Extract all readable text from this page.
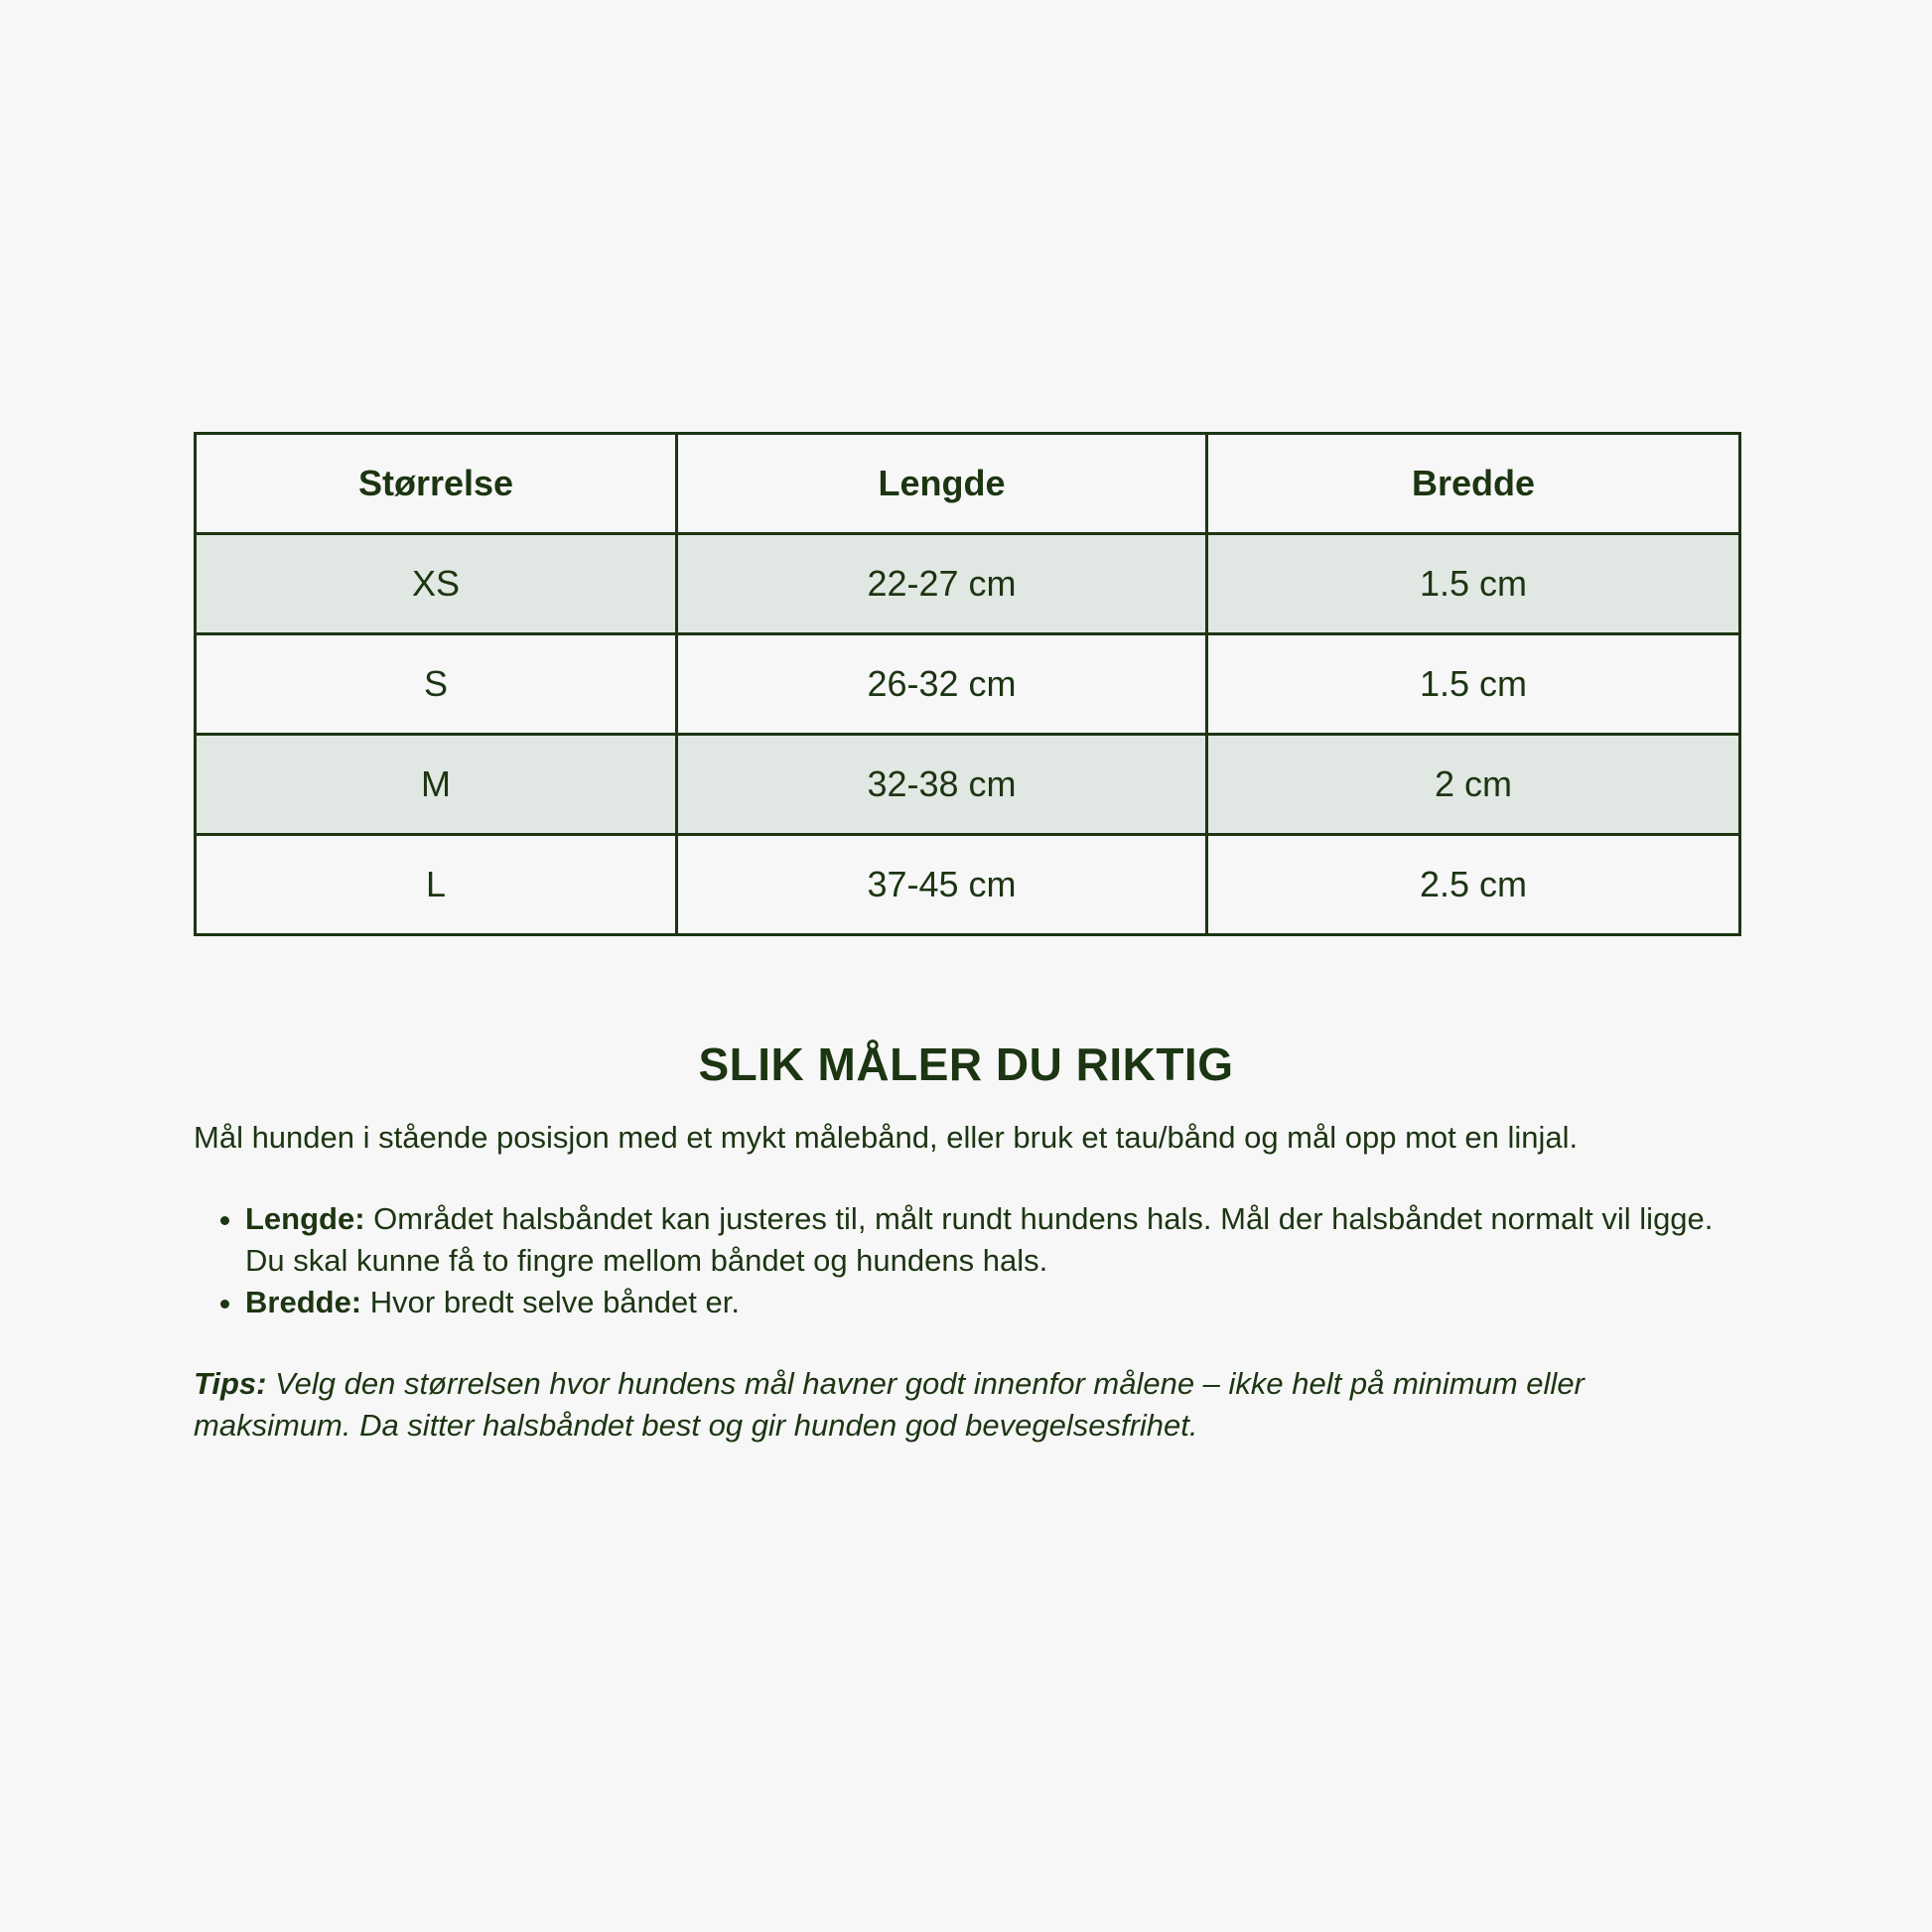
Størrelse	Lengde	Bredde
XS	22-27 cm	1.5 cm
S	26-32 cm	1.5 cm
M	32-38 cm	2 cm
L	37-45 cm	2.5 cm
SLIK MÅLER DU RIKTIG

Mål hunden i stående posisjon med et mykt målebånd, eller bruk et tau/bånd og mål opp mot en linjal.

• Lengde: Området halsbåndet kan justeres til, målt rundt hundens hals. Mål der halsbåndet normalt vil ligge. Du skal kunne få to fingre mellom båndet og hundens hals.
• Bredde: Hvor bredt selve båndet er.

Tips: Velg den størrelsen hvor hundens mål havner godt innenfor målene – ikke helt på minimum eller maksimum. Da sitter halsbåndet best og gir hunden god bevegelsesfrihet.
